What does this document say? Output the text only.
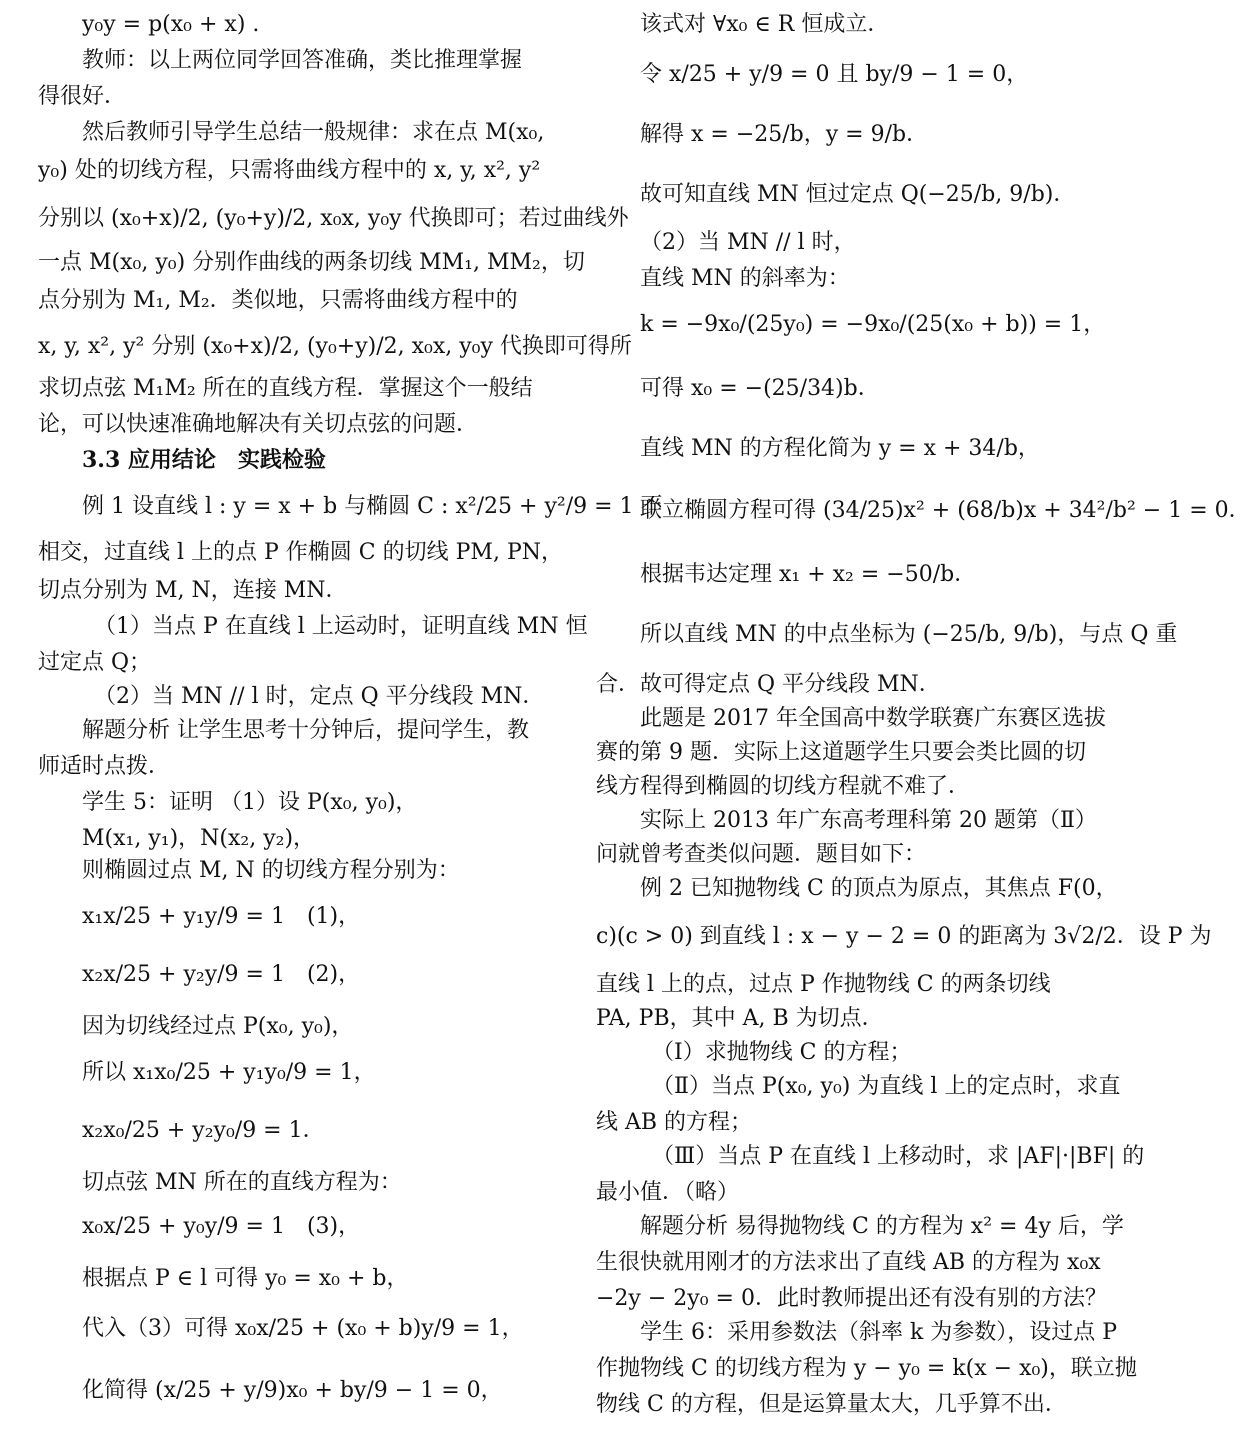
y₀y = p(x₀ + x) .
教师：以上两位同学回答准确，类比推理掌握
得很好．
然后教师引导学生总结一般规律：求在点 M(x₀,
y₀) 处的切线方程，只需将曲线方程中的 x, y, x², y²
分别以 (x₀+x)/2, (y₀+y)/2, x₀x, y₀y 代换即可；若过曲线外
一点 M(x₀, y₀) 分别作曲线的两条切线 MM₁, MM₂，切
点分别为 M₁, M₂．类似地，只需将曲线方程中的
x, y, x², y² 分别 (x₀+x)/2, (y₀+y)/2, x₀x, y₀y 代换即可得所
求切点弦 M₁M₂ 所在的直线方程．掌握这个一般结
论，可以快速准确地解决有关切点弦的问题．
3.3 应用结论　实践检验
例 1 设直线 l : y = x + b 与椭圆 C : x²/25 + y²/9 = 1 不
相交，过直线 l 上的点 P 作椭圆 C 的切线 PM, PN，
切点分别为 M, N，连接 MN．
（1）当点 P 在直线 l 上运动时，证明直线 MN 恒
过定点 Q；
（2）当 MN // l 时，定点 Q 平分线段 MN．
解题分析 让学生思考十分钟后，提问学生，教
师适时点拨．
学生 5：证明 （1）设 P(x₀, y₀)，
M(x₁, y₁)，N(x₂, y₂)，
则椭圆过点 M, N 的切线方程分别为：
x₁x/25 + y₁y/9 = 1　(1)，
x₂x/25 + y₂y/9 = 1　(2)，
因为切线经过点 P(x₀, y₀)，
所以 x₁x₀/25 + y₁y₀/9 = 1，
x₂x₀/25 + y₂y₀/9 = 1．
切点弦 MN 所在的直线方程为：
x₀x/25 + y₀y/9 = 1　(3)，
根据点 P ∈ l 可得 y₀ = x₀ + b，
代入（3）可得 x₀x/25 + (x₀ + b)y/9 = 1，
化简得 (x/25 + y/9)x₀ + by/9 − 1 = 0，
该式对 ∀x₀ ∈ R 恒成立．
令 x/25 + y/9 = 0 且 by/9 − 1 = 0，
解得 x = −25/b，y = 9/b．
故可知直线 MN 恒过定点 Q(−25/b, 9/b)．
（2）当 MN // l 时，
直线 MN 的斜率为：
k = −9x₀/(25y₀) = −9x₀/(25(x₀ + b)) = 1，
可得 x₀ = −(25/34)b．
直线 MN 的方程化简为 y = x + 34/b，
联立椭圆方程可得 (34/25)x² + (68/b)x + 34²/b² − 1 = 0．
根据韦达定理 x₁ + x₂ = −50/b．
所以直线 MN 的中点坐标为 (−25/b, 9/b)，与点 Q 重
合．故可得定点 Q 平分线段 MN．
此题是 2017 年全国高中数学联赛广东赛区选拔
赛的第 9 题．实际上这道题学生只要会类比圆的切
线方程得到椭圆的切线方程就不难了．
实际上 2013 年广东高考理科第 20 题第（Ⅱ）
问就曾考查类似问题．题目如下：
例 2 已知抛物线 C 的顶点为原点，其焦点 F(0，
c)(c > 0) 到直线 l : x − y − 2 = 0 的距离为 3√2/2．设 P 为
直线 l 上的点，过点 P 作抛物线 C 的两条切线
PA, PB，其中 A, B 为切点．
（Ⅰ）求抛物线 C 的方程；
（Ⅱ）当点 P(x₀, y₀) 为直线 l 上的定点时，求直
线 AB 的方程；
（Ⅲ）当点 P 在直线 l 上移动时，求 |AF|·|BF| 的
最小值．（略）
解题分析 易得抛物线 C 的方程为 x² = 4y 后，学
生很快就用刚才的方法求出了直线 AB 的方程为 x₀x
−2y − 2y₀ = 0．此时教师提出还有没有别的方法？
学生 6：采用参数法（斜率 k 为参数），设过点 P
作抛物线 C 的切线方程为 y − y₀ = k(x − x₀)，联立抛
物线 C 的方程，但是运算量太大，几乎算不出．
